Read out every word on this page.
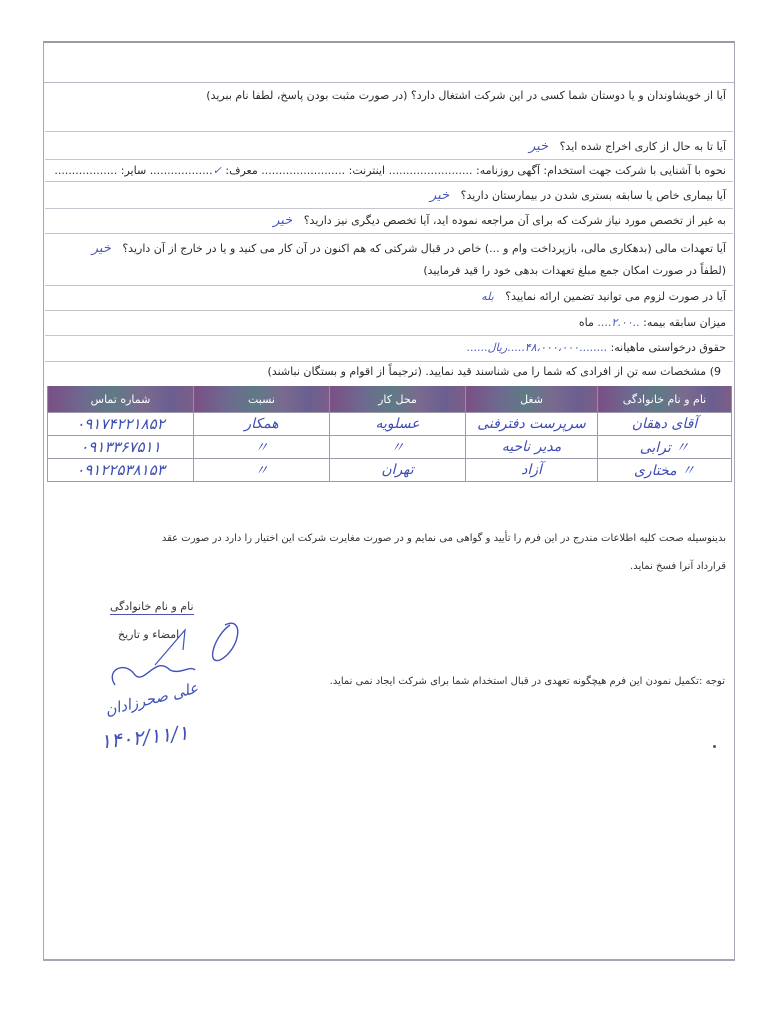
آیا از خویشاوندان و یا دوستان شما کسی در این شرکت اشتغال دارد؟ (در صورت مثبت بودن پاسخ، لطفا نام ببرید)
آیا تا به حال از کاری اخراج شده اید؟ خیر
نحوه با آشنایی با شرکت جهت استخدام: آگهی روزنامه: ........................ اینترنت: ........................ معرف: ✓.................. سایر: ..................
آیا بیماری خاص یا سابقه بستری شدن در بیمارستان دارید؟ خیر
به غیر از تخصص مورد نیاز شرکت که برای آن مراجعه نموده اید، آیا تخصص دیگری نیز دارید؟ خیر
آیا تعهدات مالی (بدهکاری مالی، بازپرداخت وام و ...) خاص در قبال شرکتی که هم اکنون در آن کار می کنید و یا در خارج از آن دارید؟ خیر
(لطفاً در صورت امکان جمع مبلغ تعهدات بدهی خود را قید فرمایید)
آیا در صورت لزوم می توانید تضمین ارائه نمایید؟ بله
میزان سابقه بیمه: ..۲.۰۰.... ماه
حقوق درخواستی ماهیانه: ........۴۸،۰۰۰،۰۰۰.....ریال......
9) مشخصات سه تن از افرادی که شما را می شناسند قید نمایید. (ترجیماً از اقوام و بستگان نباشند)
نام و نام خانوادگی	شغل	محل کار	نسبت	شماره تماس
آقای دهقان	سرپرست دفترفنی	عسلویه	همکار	۰۹۱۷۴۲۲۱۸۵۲
〃 ترابی	مدیر ناحیه	〃	〃	۰۹۱۳۳۶۷۵۱۱
〃 مختاری	آزاد	تهران	〃	۰۹۱۲۲۵۳۸۱۵۳
بدینوسیله صحت کلیه اطلاعات مندرج در این فرم را تأیید و گواهی می نمایم و در صورت مغایرت شرکت این اختیار را دارد در صورت عقد
قرارداد آنرا فسخ نماید.
نام و نام خانوادگی
امضاء و تاریخ
علی صحرزادان
۱۴۰۲/۱۱/۱
توجه :تکمیل نمودن این فرم هیچگونه تعهدی در قبال استخدام شما برای شرکت ایجاد نمی نماید.
